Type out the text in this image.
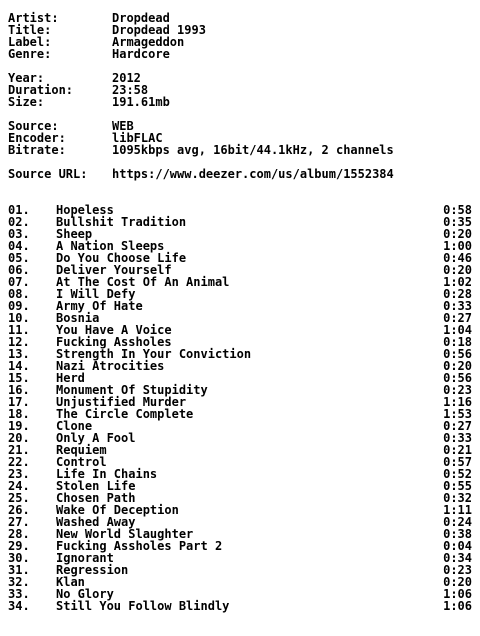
Artist:	Dropdead
Title:	Dropdead 1993
Label:	Armageddon
Genre:	Hardcore
Year:	2012
Duration:	23:58
Size:	191.61mb
Source:	WEB
Encoder:	libFLAC
Bitrate:	1095kbps avg, 16bit/44.1kHz, 2 channels
Source URL: https://www.deezer.com/us/album/1552384
01. Hopeless	0:58
02. Bullshit Tradition	0:35
03. Sheep	0:20
04. A Nation Sleeps	1:00
05. Do You Choose Life	0:46
06. Deliver Yourself	0:20
07. At The Cost Of An Animal	1:02
08. I Will Defy	0:28
09. Army Of Hate	0:33
10. Bosnia	0:27
11. You Have A Voice	1:04
12. Fucking Assholes	0:18
13. Strength In Your Conviction	0:56
14. Nazi Atrocities	0:20
15. Herd	0:56
16. Monument Of Stupidity	0:23
17. Unjustified Murder	1:16
18. The Circle Complete	1:53
19. Clone	0:27
20. Only A Fool	0:33
21. Requiem	0:21
22. Control	0:57
23. Life In Chains	0:52
24. Stolen Life	0:55
25. Chosen Path	0:32
26. Wake Of Deception	1:11
27. Washed Away	0:24
28. New World Slaughter	0:38
29. Fucking Assholes Part 2	0:04
30. Ignorant	0:34
31. Regression	0:23
32. Klan	0:20
33. No Glory	1:06
34. Still You Follow Blindly	1:06
